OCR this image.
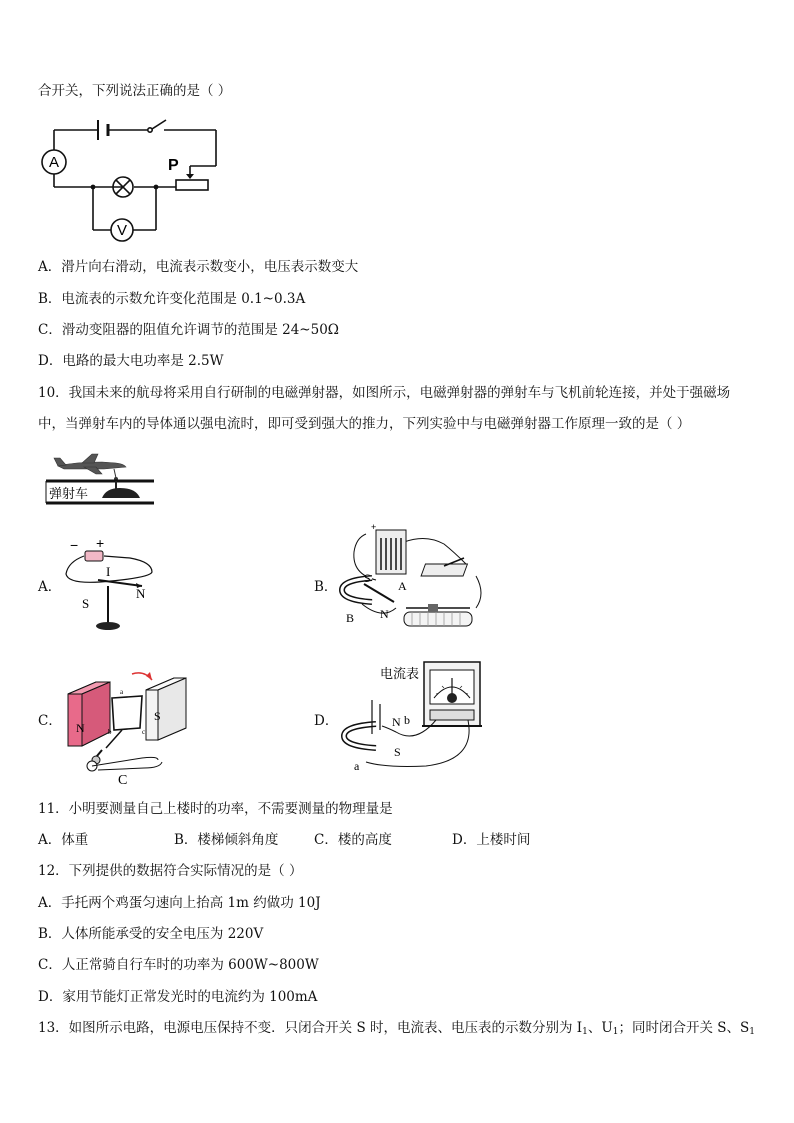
合开关，下列说法正确的是（ ）
A
V
P
A．滑片向右滑动，电流表示数变小，电压表示数变大
B．电流表的示数允许变化范围是 0.1~0.3A
C．滑动变阻器的阻值允许调节的范围是 24~50Ω
D．电路的最大电功率是 2.5W
10．我国未来的航母将采用自行研制的电磁弹射器，如图所示，电磁弹射器的弹射车与飞机前轮连接，并处于强磁场
中，当弹射车内的导体通以强电流时，即可受到强大的推力，下列实验中与电磁弹射器工作原理一致的是（ ）
弹射车
A．
− +
I
S
N	B．
+
S
A
B N
C． N
S
a
b	c
C
D．
电流表
N b
S
a
11．小明要测量自己上楼时的功率，不需要测量的物理量是
A．体重	B．楼梯倾斜角度	C．楼的高度	D．上楼时间
12．下列提供的数据符合实际情况的是（ ）
A．手托两个鸡蛋匀速向上抬高 1m 约做功 10J
B．人体所能承受的安全电压为 220V
C．人正常骑自行车时的功率为 600W~800W
D．家用节能灯正常发光时的电流约为 100mA
13．如图所示电路，电源电压保持不变．只闭合开关 S 时，电流表、电压表的示数分别为 $I_1$、$U_1$；同时闭合开关 S、$S_1$
